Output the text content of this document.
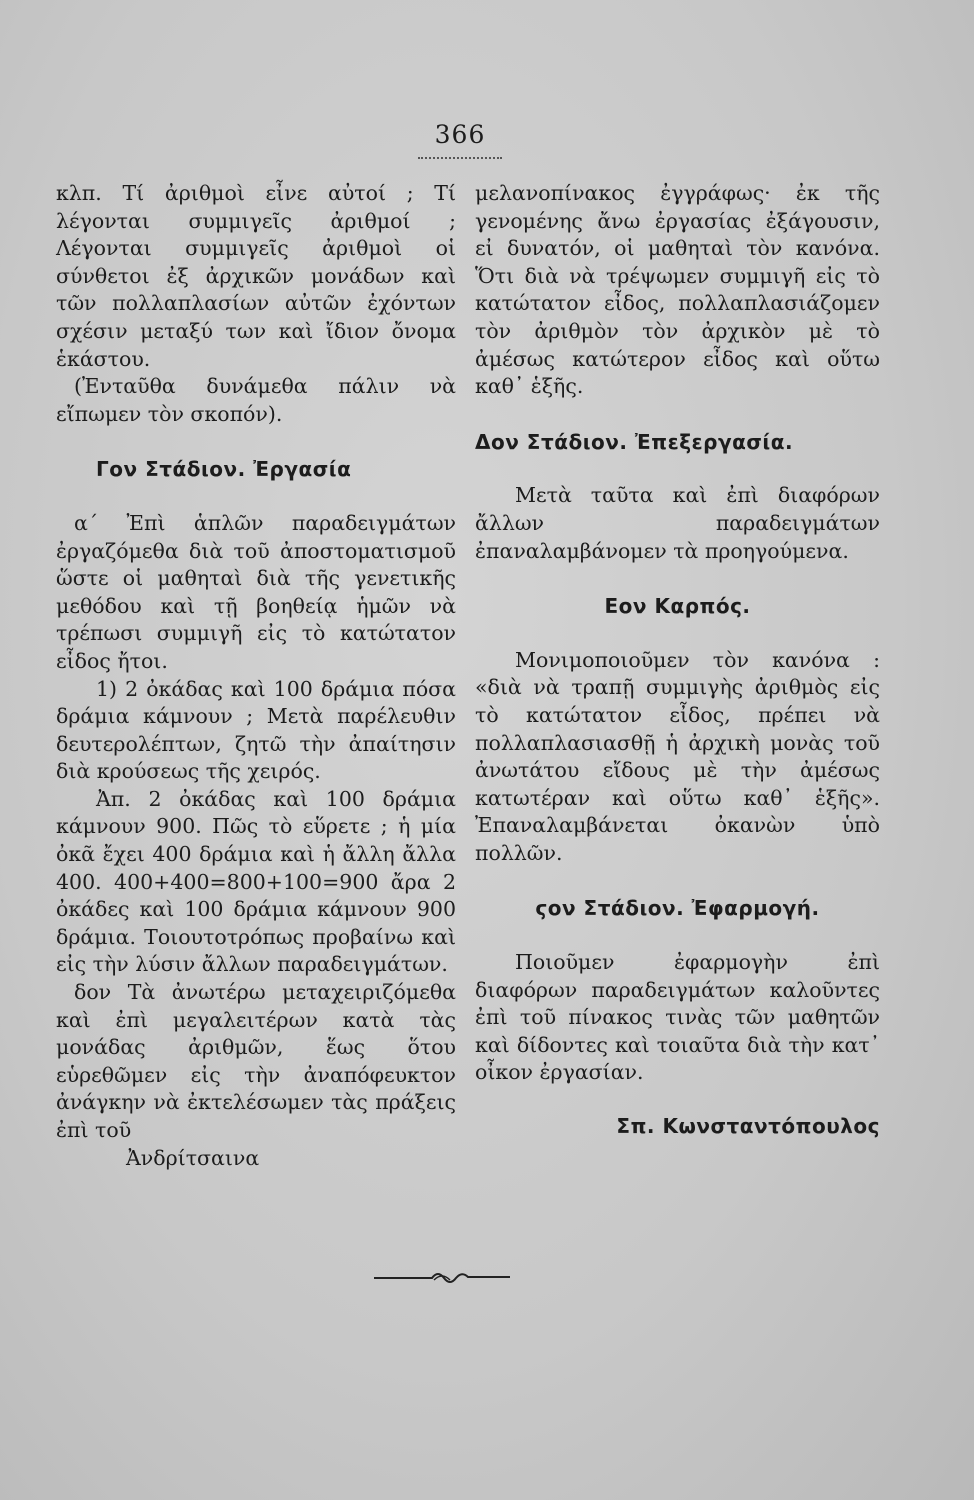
366

κλπ. Τί ἀριθμοὶ εἶνε αὐτοί ; Τί λέγονται συμμιγεῖς ἀριθμοί ; Λέγονται συμμιγεῖς ἀριθμοὶ οἱ σύνθετοι ἐξ ἀρχικῶν μονάδων καὶ τῶν πολλαπλασίων αὐτῶν ἐχόντων σχέσιν μεταξύ των καὶ ἴδιον ὄνομα ἑκάστου.

(Ἐνταῦθα δυνάμεθα πάλιν νὰ εἴπωμεν τὸν σκοπόν).

Γον Στάδιον. Ἐργασία

α΄ Ἐπὶ ἁπλῶν παραδειγμάτων ἐργαζόμεθα διὰ τοῦ ἀποστοματισμοῦ ὥστε οἱ μαθηταὶ διὰ τῆς γενετικῆς μεθόδου καὶ τῇ βοηθείᾳ ἡμῶν νὰ τρέπωσι συμμιγῆ εἰς τὸ κατώτατον εἶδος ἤτοι.

1) 2 ὀκάδας καὶ 100 δράμια πόσα δράμια κάμνουν ; Μετὰ παρέλευθιν δευτερολέπτων, ζητῶ τὴν ἀπαίτησιν διὰ κρούσεως τῆς χειρός.

Ἀπ. 2 ὀκάδας καὶ 100 δράμια κάμνουν 900. Πῶς τὸ εὕρετε ; ἡ μία ὀκᾶ ἔχει 400 δράμια καὶ ἡ ἄλλη ἄλλα 400. 400+400=800+100=900 ἄρα 2 ὀκάδες καὶ 100 δράμια κάμνουν 900 δράμια. Τοιουτοτρόπως προβαίνω καὶ εἰς τὴν λύσιν ἄλλων παραδειγμάτων.

δον Τὰ ἀνωτέρω μεταχειριζόμεθα καὶ ἐπὶ μεγαλειτέρων κατὰ τὰς μονάδας ἀριθμῶν, ἕως ὅτου εὑρεθῶμεν εἰς τὴν ἀναπόφευκτον ἀνάγκην νὰ ἐκτελέσωμεν τὰς πράξεις ἐπὶ τοῦ

Ἀνδρίτσαινα

μελανοπίνακος ἐγγράφως· ἐκ τῆς γενομένης ἄνω ἐργασίας ἐξάγουσιν, εἰ δυνατόν, οἱ μαθηταὶ τὸν κανόνα. Ὅτι διὰ νὰ τρέψωμεν συμμιγῆ εἰς τὸ κατώτατον εἶδος, πολλαπλασιάζομεν τὸν ἀριθμὸν τὸν ἀρχικὸν μὲ τὸ ἀμέσως κατώτερον εἶδος καὶ οὕτω καθ᾽ ἑξῆς.

Δον Στάδιον. Ἐπεξεργασία.

Μετὰ ταῦτα καὶ ἐπὶ διαφόρων ἄλλων παραδειγμάτων ἐπαναλαμβάνομεν τὰ προηγούμενα.

Εον Καρπός.

Μονιμοποιοῦμεν τὸν κανόνα : «διὰ νὰ τραπῇ συμμιγὴς ἀριθμὸς εἰς τὸ κατώτατον εἶδος, πρέπει νὰ πολλαπλασιασθῇ ἡ ἀρχικὴ μονὰς τοῦ ἀνωτάτου εἴδους μὲ τὴν ἀμέσως κατωτέραν καὶ οὕτω καθ᾽ ἑξῆς». Ἐπαναλαμβάνεται ὀκανὼν ὑπὸ πολλῶν.

ϛον Στάδιον. Ἐφαρμογή.

Ποιοῦμεν ἐφαρμογὴν ἐπὶ διαφόρων παραδειγμάτων καλοῦντες ἐπὶ τοῦ πίνακος τινὰς τῶν μαθητῶν καὶ δίδοντες καὶ τοιαῦτα διὰ τὴν κατ᾽ οἶκον ἐργασίαν.

Σπ. Κωνσταντόπουλος
